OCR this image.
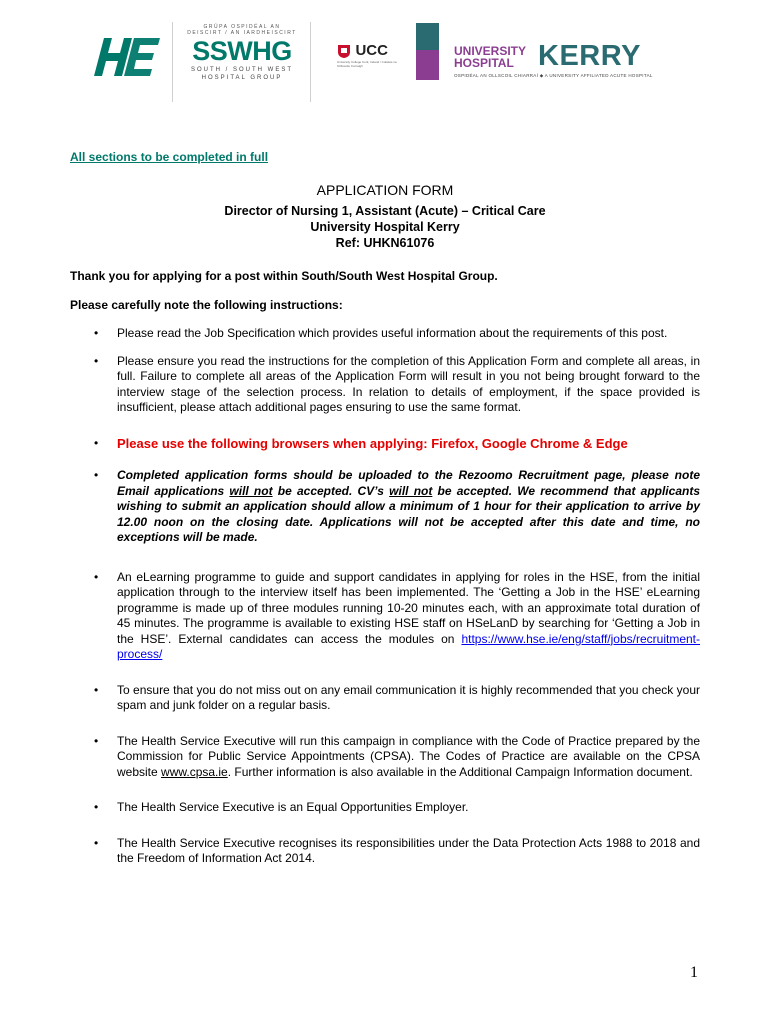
GRÚPA OSPIDÉAL AN DEISCIRT / AN IARDHEISCIRT
SSWHG
SOUTH / SOUTH WEST
HOSPITAL GROUP
UCC
University College Cork, Ireland / Coláiste na hOllscoile Corcaigh
UNIVERSITY
HOSPITAL KERRY
OSPIDÉAL AN OLLSCOIL CHIARRAÍ ◆ A UNIVERSITY AFFILIATED ACUTE HOSPITAL
All sections to be completed in full
APPLICATION FORM
Director of Nursing 1, Assistant (Acute) – Critical Care
University Hospital Kerry
Ref: UHKN61076
Thank you for applying for a post within South/South West Hospital Group.
Please carefully note the following instructions:
• Please read the Job Specification which provides useful information about the requirements of this post.
• Please ensure you read the instructions for the completion of this Application Form and complete all areas, in full. Failure to complete all areas of the Application Form will result in you not being brought forward to the interview stage of the selection process. In relation to details of employment, if the space provided is insufficient, please attach additional pages ensuring to use the same format.
• Please use the following browsers when applying: Firefox, Google Chrome & Edge
• Completed application forms should be uploaded to the Rezoomo Recruitment page, please note Email applications will not be accepted. CV’s will not be accepted. We recommend that applicants wishing to submit an application should allow a minimum of 1 hour for their application to arrive by 12.00 noon on the closing date. Applications will not be accepted after this date and time, no exceptions will be made.
• An eLearning programme to guide and support candidates in applying for roles in the HSE, from the initial application through to the interview itself has been implemented. The ‘Getting a Job in the HSE’ eLearning programme is made up of three modules running 10-20 minutes each, with an approximate total duration of 45 minutes. The programme is available to existing HSE staff on HSeLanD by searching for ‘Getting a Job in the HSE’. External candidates can access the modules on https://www.hse.ie/eng/staff/jobs/recruitment-process/
• To ensure that you do not miss out on any email communication it is highly recommended that you check your spam and junk folder on a regular basis.
• The Health Service Executive will run this campaign in compliance with the Code of Practice prepared by the Commission for Public Service Appointments (CPSA). The Codes of Practice are available on the CPSA website www.cpsa.ie. Further information is also available in the Additional Campaign Information document.
• The Health Service Executive is an Equal Opportunities Employer.
• The Health Service Executive recognises its responsibilities under the Data Protection Acts 1988 to 2018 and the Freedom of Information Act 2014.
1
